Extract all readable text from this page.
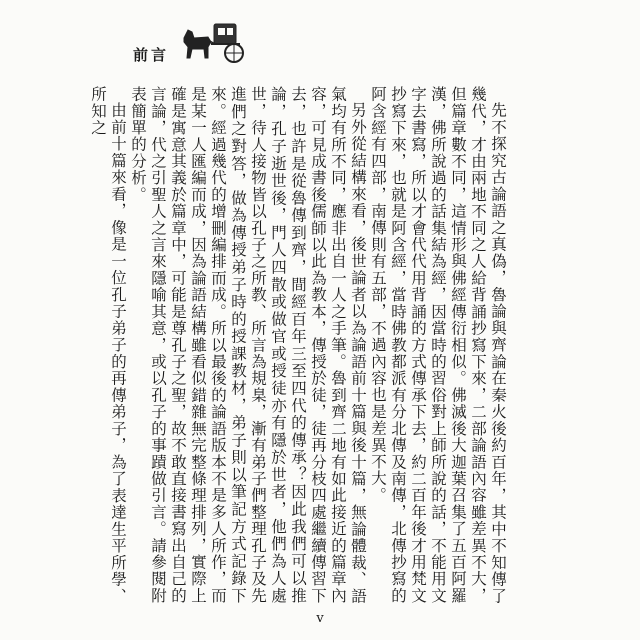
前言

先不探究古論語之真偽，魯論與齊論在秦火後約百年，其中不知傳了幾代，才由兩地不同之人給背誦抄寫下來，二部論語內容雖差異不大，但篇章數不同，這情形與佛經傳衍相似。佛滅後大迦葉召集了五百阿羅漢，佛所說過的話集結為經，因當時的習俗對上師所說的話，不能用文字去書寫，所以才會代代用背誦的方式傳承下去，約二百年後才用梵文抄寫下來，也就是阿含經，當時佛教都派有分北傳及南傳，北傳抄寫的阿含經有四部，南傳則有五部，不過內容也是差異不大。

另外從結構來看，後世論者以為論語前十篇與後十篇，無論體裁、語氣均有所不同，應非出自一人之手筆。魯到齊二地有如此接近的篇章內容，可見成書後儒師以此為教本，傳授於徒，徒再分枝四處繼續傳習下去，也許是從魯傳到齊，間經百年三至四代的傳承？因此我們可以推論，孔子逝世後，門人四散或做官或授徒亦有隱於世者，他們為人處世，待人接物皆以孔子之所教、所言為規臬，漸有弟子們整理孔子及先進們之對答，做為傳授弟子時的授課教材，弟子則以筆記方式記錄下來。經過幾代的增刪編排而成。所以最後的論語版本不是多人所作，而是某一人匯編而成，因為論語結構雖看似錯雜無完整條理排列，實際上確是寓意其義於篇章中，可能是尊孔子之聖，故不敢直接書寫出自己的言論，代之引聖人之言來隱喻其意，或以孔子的事蹟做引言。請參閱附表簡單的分析。

由前十篇來看，像是一位孔子弟子的再傳弟子，為了表達生平所學、所知之

v
